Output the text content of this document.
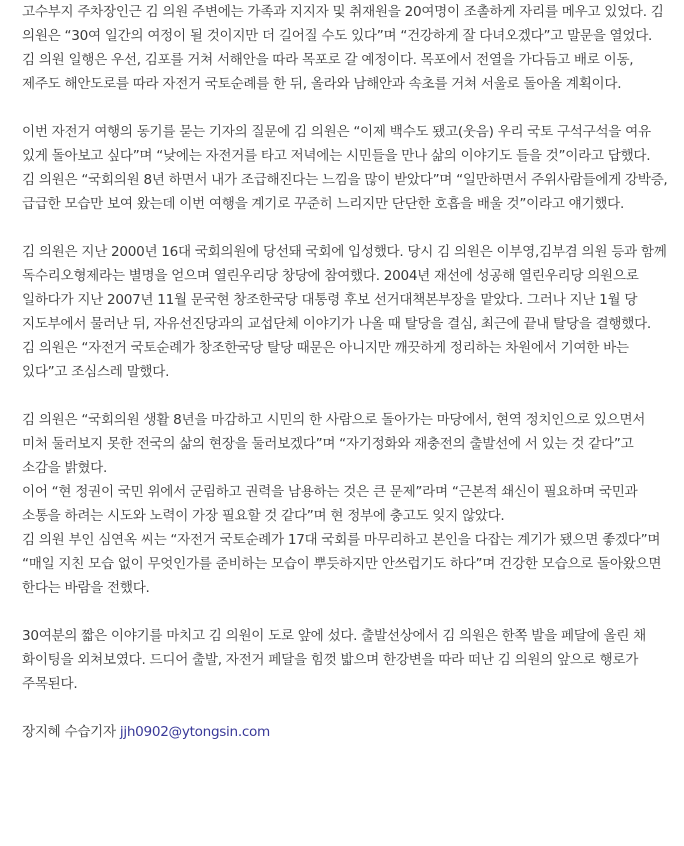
고수부지 주차장인근 김 의원 주변에는 가족과 지지자 및 취재원을 20여명이 조촐하게 자리를 메우고 있었다. 김 의원은 “30여 일간의 여정이 될 것이지만 더 길어질 수도 있다”며 “건강하게 잘 다녀오겠다”고 말문을 열었다.

김 의원 일행은 우선, 김포를 거쳐 서해안을 따라 목포로 갈 예정이다. 목포에서 전열을 가다듬고 배로 이동, 제주도 해안도로를 따라 자전거 국토순례를 한 뒤, 올라와 남해안과 속초를 거쳐 서울로 돌아올 계획이다.

이번 자전거 여행의 동기를 묻는 기자의 질문에 김 의원은 “이제 백수도 됐고(웃음) 우리 국토 구석구석을 여유 있게 돌아보고 싶다”며 “낮에는 자전거를 타고 저녁에는 시민들을 만나 삶의 이야기도 들을 것”이라고 답했다.

김 의원은 “국회의원 8년 하면서 내가 조급해진다는 느낌을 많이 받았다”며 “일만하면서 주위사람들에게 강박증, 급급한 모습만 보여 왔는데 이번 여행을 계기로 꾸준히 느리지만 단단한 호흡을 배울 것”이라고 얘기했다.

김 의원은 지난 2000년 16대 국회의원에 당선돼 국회에 입성했다. 당시 김 의원은 이부영,김부겸 의원 등과 함께 독수리오형제라는 별명을 얻으며 열린우리당 창당에 참여했다. 2004년 재선에 성공해 열린우리당 의원으로 일하다가 지난 2007년 11월 문국현 창조한국당 대통령 후보 선거대책본부장을 맡았다. 그러나 지난 1월 당 지도부에서 물러난 뒤, 자유선진당과의 교섭단체 이야기가 나올 때 탈당을 결심, 최근에 끝내 탈당을 결행했다.

김 의원은 “자전거 국토순례가 창조한국당 탈당 때문은 아니지만 깨끗하게 정리하는 차원에서 기여한 바는 있다”고 조심스레 말했다.

김 의원은 “국회의원 생활 8년을 마감하고 시민의 한 사람으로 돌아가는 마당에서, 현역 정치인으로 있으면서 미처 둘러보지 못한 전국의 삶의 현장을 둘러보겠다”며 “자기정화와 재충전의 출발선에 서 있는 것 같다”고 소감을 밝혔다.

이어 “현 정권이 국민 위에서 군림하고 권력을 남용하는 것은 큰 문제”라며 “근본적 쇄신이 필요하며 국민과 소통을 하려는 시도와 노력이 가장 필요할 것 같다”며 현 정부에 충고도 잊지 않았다.

김 의원 부인 심연옥 씨는 “자전거 국토순례가 17대 국회를 마무리하고 본인을 다잡는 계기가 됐으면 좋겠다”며 “매일 지친 모습 없이 무엇인가를 준비하는 모습이 뿌듯하지만 안쓰럽기도 하다”며 건강한 모습으로 돌아왔으면 한다는 바람을 전했다.

30여분의 짧은 이야기를 마치고 김 의원이 도로 앞에 섰다. 출발선상에서 김 의원은 한쪽 발을 페달에 올린 채 화이팅을 외쳐보였다. 드디어 출발, 자전거 페달을 힘껏 밟으며 한강변을 따라 떠난 김 의원의 앞으로 행로가 주목된다.

장지혜 수습기자 jjh0902@ytongsin.com
